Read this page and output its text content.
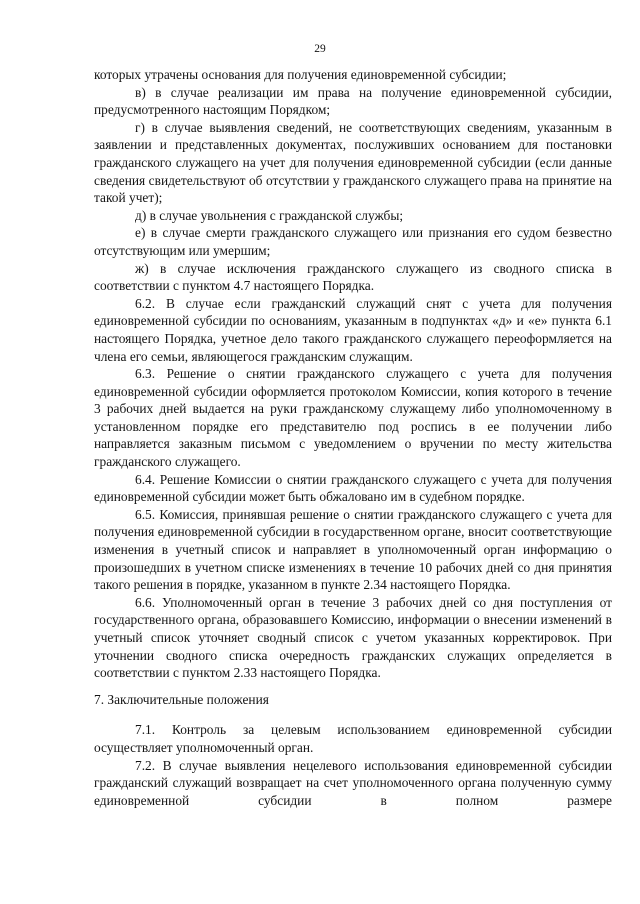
29

которых утрачены основания для получения единовременной субсидии;

в) в случае реализации им права на получение единовременной субсидии, предусмотренного настоящим Порядком;

г) в случае выявления сведений, не соответствующих сведениям, указанным в заявлении и представленных документах, послуживших основанием для постановки гражданского служащего на учет для получения единовременной субсидии (если данные сведения свидетельствуют об отсутствии у гражданского служащего права на принятие на такой учет);

д) в случае увольнения с гражданской службы;

е) в случае смерти гражданского служащего или признания его судом безвестно отсутствующим или умершим;

ж) в случае исключения гражданского служащего из сводного списка в соответствии с пунктом 4.7 настоящего Порядка.

6.2. В случае если гражданский служащий снят с учета для получения единовременной субсидии по основаниям, указанным в подпунктах «д» и «е» пункта 6.1 настоящего Порядка, учетное дело такого гражданского служащего переоформляется на члена его семьи, являющегося гражданским служащим.

6.3. Решение о снятии гражданского служащего с учета для получения единовременной субсидии оформляется протоколом Комиссии, копия которого в течение 3 рабочих дней выдается на руки гражданскому служащему либо уполномоченному в установленном порядке его представителю под роспись в ее получении либо направляется заказным письмом с уведомлением о вручении по месту жительства гражданского служащего.

6.4. Решение Комиссии о снятии гражданского служащего с учета для получения единовременной субсидии может быть обжаловано им в судебном порядке.

6.5. Комиссия, принявшая решение о снятии гражданского служащего с учета для получения единовременной субсидии в государственном органе, вносит соответствующие изменения в учетный список и направляет в уполномоченный орган информацию о произошедших в учетном списке изменениях в течение 10 рабочих дней со дня принятия такого решения в порядке, указанном в пункте 2.34 настоящего Порядка.

6.6. Уполномоченный орган в течение 3 рабочих дней со дня поступления от государственного органа, образовавшего Комиссию, информации о внесении изменений в учетный список уточняет сводный список с учетом указанных корректировок. При уточнении сводного списка очередность гражданских служащих определяется в соответствии с пунктом 2.33 настоящего Порядка.

7. Заключительные положения

7.1. Контроль за целевым использованием единовременной субсидии осуществляет уполномоченный орган.

7.2. В случае выявления нецелевого использования единовременной субсидии гражданский служащий возвращает на счет уполномоченного органа полученную сумму единовременной субсидии в полном размере
